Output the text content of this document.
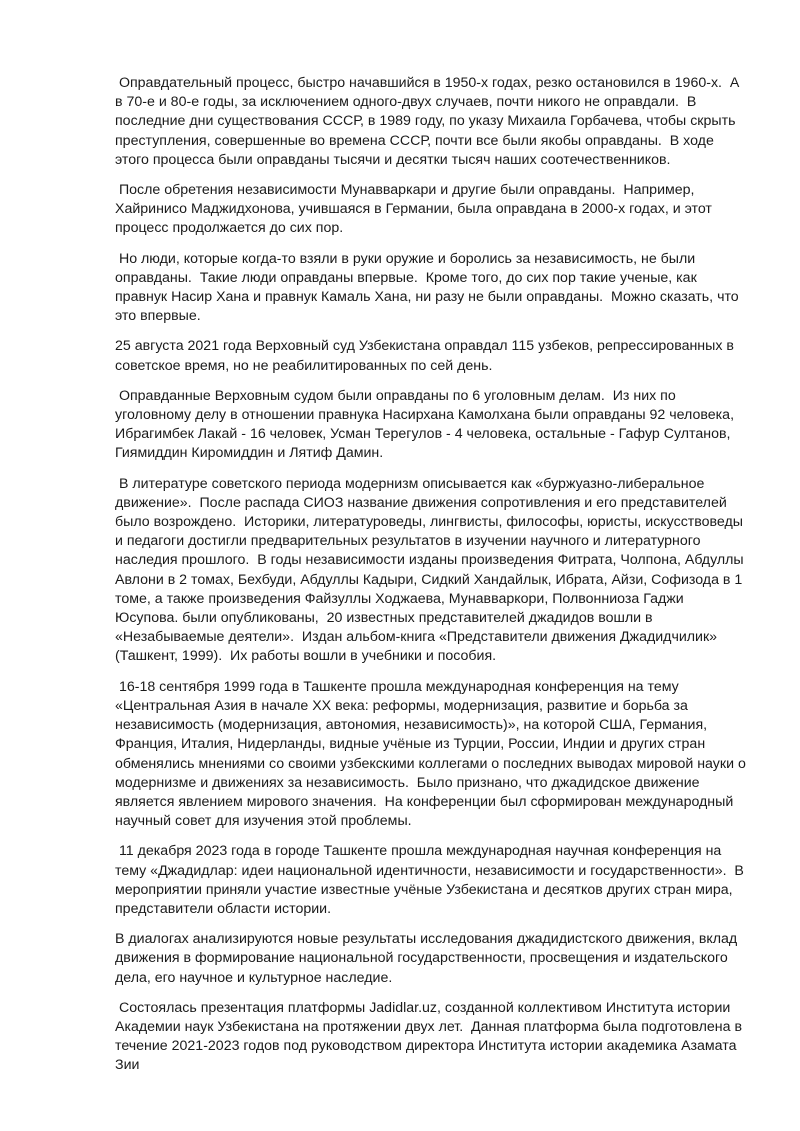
Оправдательный процесс, быстро начавшийся в 1950-х годах, резко остановился в 1960-х.  А в 70-е и 80-е годы, за исключением одного-двух случаев, почти никого не оправдали.  В последние дни существования СССР, в 1989 году, по указу Михаила Горбачева, чтобы скрыть преступления, совершенные во времена СССР, почти все были якобы оправданы.  В ходе этого процесса были оправданы тысячи и десятки тысяч наших соотечественников.

После обретения независимости Мунавваркари и другие были оправданы.  Например, Хайринисо Маджидхонова, учившаяся в Германии, была оправдана в 2000-х годах, и этот процесс продолжается до сих пор.

Но люди, которые когда-то взяли в руки оружие и боролись за независимость, не были оправданы.  Такие люди оправданы впервые.  Кроме того, до сих пор такие ученые, как правнук Насир Хана и правнук Камаль Хана, ни разу не были оправданы.  Можно сказать, что это впервые.

25 августа 2021 года Верховный суд Узбекистана оправдал 115 узбеков, репрессированных в советское время, но не реабилитированных по сей день.

Оправданные Верховным судом были оправданы по 6 уголовным делам.  Из них по уголовному делу в отношении правнука Насирхана Камолхана были оправданы 92 человека, Ибрагимбек Лакай - 16 человек, Усман Терегулов - 4 человека, остальные - Гафур Султанов, Гиямиддин Киромиддин и Лятиф Дамин.

В литературе советского периода модернизм описывается как «буржуазно-либеральное движение».  После распада СИОЗ название движения сопротивления и его представителей было возрождено.  Историки, литературоведы, лингвисты, философы, юристы, искусствоведы и педагоги достигли предварительных результатов в изучении научного и литературного наследия прошлого.  В годы независимости изданы произведения Фитрата, Чолпона, Абдуллы Авлони в 2 томах, Бехбуди, Абдуллы Кадыри, Сидкий Хандайлык, Ибрата, Айзи, Софизода в 1 томе, а также произведения Файзуллы Ходжаева, Мунавваркори, Полвонниоза Гаджи Юсупова. были опубликованы,  20 известных представителей джадидов вошли в «Незабываемые деятели».  Издан альбом-книга «Представители движения Джадидчилик» (Ташкент, 1999).  Их работы вошли в учебники и пособия.

16-18 сентября 1999 года в Ташкенте прошла международная конференция на тему «Центральная Азия в начале XX века: реформы, модернизация, развитие и борьба за независимость (модернизация, автономия, независимость)», на которой США, Германия, Франция, Италия, Нидерланды, видные учёные из Турции, России, Индии и других стран обменялись мнениями со своими узбекскими коллегами о последних выводах мировой науки о модернизме и движениях за независимость.  Было признано, что джадидское движение является явлением мирового значения.  На конференции был сформирован международный научный совет для изучения этой проблемы.

11 декабря 2023 года в городе Ташкенте прошла международная научная конференция на тему «Джадидлар: идеи национальной идентичности, независимости и государственности».  В мероприятии приняли участие известные учёные Узбекистана и десятков других стран мира, представители области истории.

В диалогах анализируются новые результаты исследования джадидистского движения, вклад движения в формирование национальной государственности, просвещения и издательского дела, его научное и культурное наследие.

Состоялась презентация платформы Jadidlar.uz, созданной коллективом Института истории Академии наук Узбекистана на протяжении двух лет.  Данная платформа была подготовлена в течение 2021-2023 годов под руководством директора Института истории академика Азамата Зии
